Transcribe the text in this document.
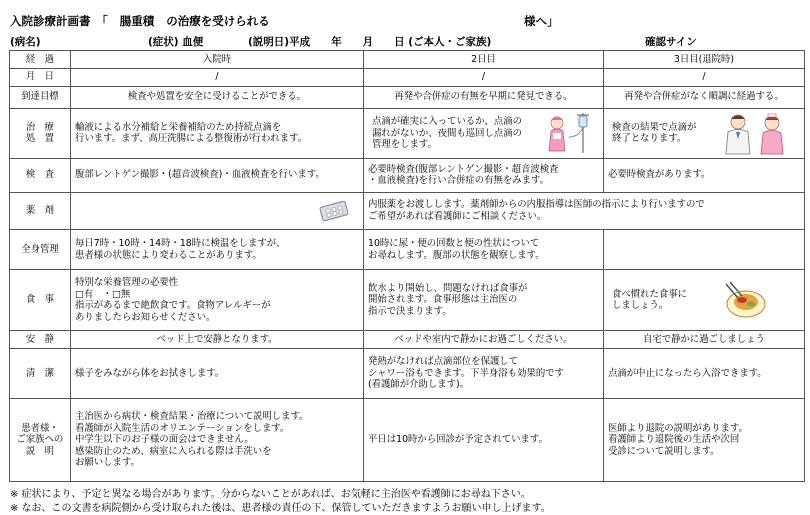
入院診療計画書　「 腸重積 の治療を受けられる	様へ」
(病名)	(症状) 血便	(説明日)平成　　年　　月　　日 (ご本人・ご家族)	確認サイン
経　過	入院時	2日目	3日目(退院時)
月　日	/	/	/
到達目標	検査や処置を安全に受けることができる。	再発や合併症の有無を早期に発見できる。	再発や合併症がなく順調に経過する。
治　療
処　置	輸液による水分補給と栄養補給のため持続点滴を
行います。まず、高圧洗腸による整復術が行われます。	点滴が確実に入っているか、点滴の
漏れがないか、夜間も巡回し点滴の
管理をします。	検査の結果で点滴が
終了となります。

検　査	腹部レントゲン撮影・(超音波検査)・血液検査を行います。	必要時検査(腹部レントゲン撮影・超音波検査
・血液検査)を行い合併症の有無をみます。	必要時検査があります。
薬　剤		内服薬をお渡しします。薬剤師からの内服指導は医師の指示により行いますので
ご希望があれば看護師にご相談ください。	
全身管理	毎日7時・10時・14時・18時に検温をしますが、
患者様の状態により変わることがあります。	10時に尿・便の回数と便の性状について
お尋ねします。腹部の状態を観察します。	
食　事	特別な栄養管理の必要性
□有　・□無
指示があるまで絶飲食です。食物アレルギーが
ありましたらお知らせください。	飲水より開始し、問題なければ食事が
開始されます。食事形態は主治医の
指示で決まります。	食べ慣れた食事に
しましょう。

安　静	ベッド上で安静となります。	ベッドや室内で静かにお過ごしください。	自宅で静かに過ごしましょう
清　潔	様子をみながら体をお拭きします。	発熱がなければ点滴部位を保護して
シャワー浴もできます。下半身浴も効果的です
(看護師が介助します)。	点滴が中止になったら入浴できます。
患者様・
ご家族への
説　明	主治医から病状・検査結果・治療について説明します。
看護師が入院生活のオリエンテーションをします。
中学生以下のお子様の面会はできません。
感染防止のため、病室に入られる際は手洗いを
お願いします。	平日は10時から回診が予定されています。	医師より退院の説明があります。
看護師より退院後の生活や次回
受診について説明します。
※ 症状により、予定と異なる場合があります。分からないことがあれば、お気軽に主治医や看護師にお尋ね下さい。
※ なお、この文書を病院側から受け取られた後は、患者様の責任の下、保管していただきますようお願い申し上げます。
